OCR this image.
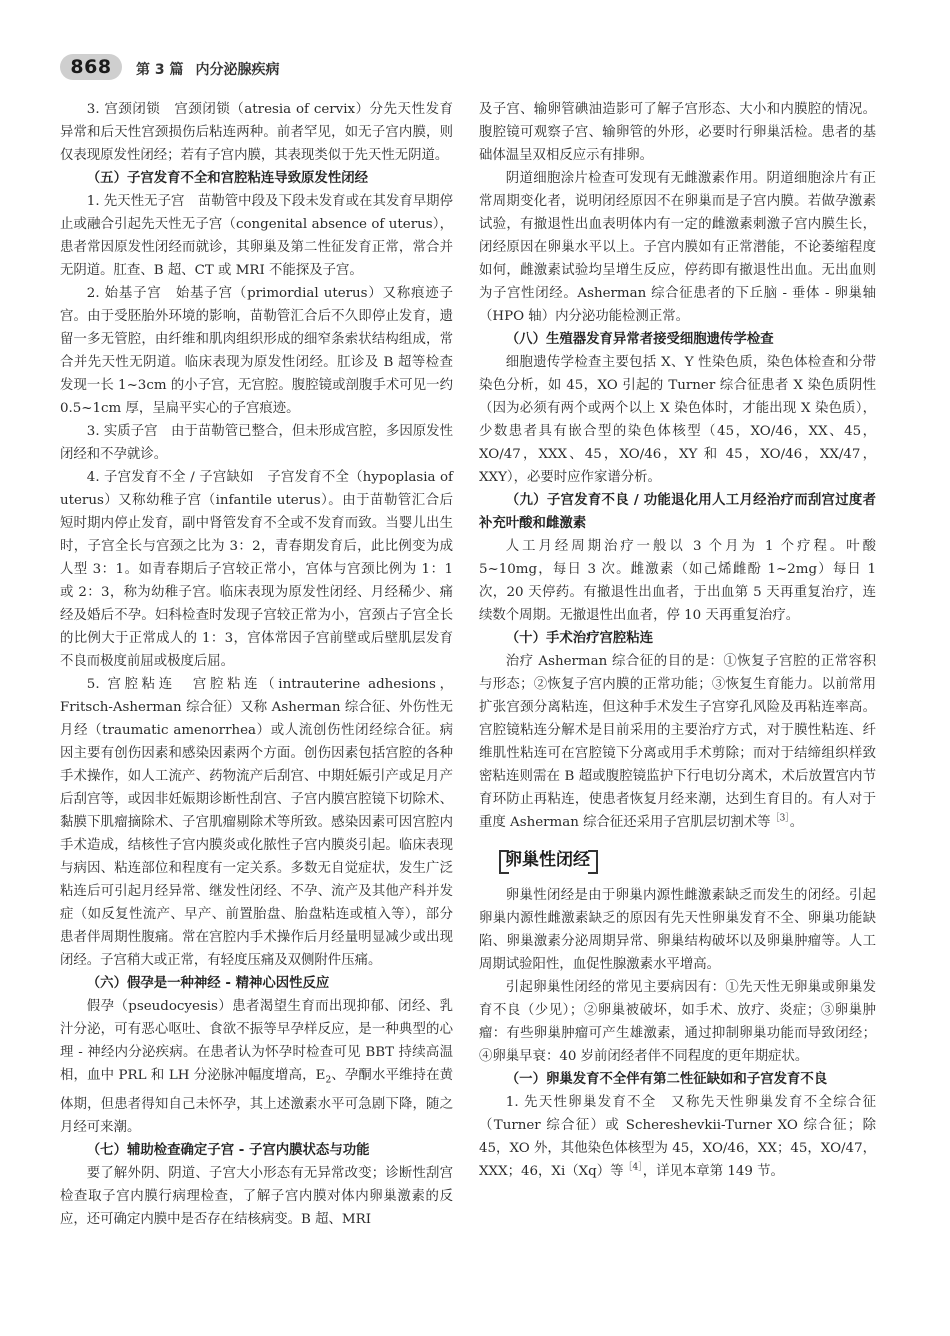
868	第 3 篇 内分泌腺疾病

3. 宫颈闭锁　宫颈闭锁（atresia of cervix）分先天性发育异常和后天性宫颈损伤后粘连两种。前者罕见，如无子宫内膜，则仅表现原发性闭经；若有子宫内膜，其表现类似于先天性无阴道。

（五）子宫发育不全和宫腔粘连导致原发性闭经

1. 先天性无子宫　苗勒管中段及下段未发育或在其发育早期停止或融合引起先天性无子宫（congenital absence of uterus），患者常因原发性闭经而就诊，其卵巢及第二性征发育正常，常合并无阴道。肛查、B 超、CT 或 MRI 不能探及子宫。

2. 始基子宫　始基子宫（primordial uterus）又称痕迹子宫。由于受胚胎外环境的影响，苗勒管汇合后不久即停止发育，遗留一多无管腔，由纤维和肌肉组织形成的细窄条索状结构组成，常合并先天性无阴道。临床表现为原发性闭经。肛诊及 B 超等检查发现一长 1~3cm 的小子宫，无宫腔。腹腔镜或剖腹手术可见一约 0.5~1cm 厚，呈扁平实心的子宫痕迹。

3. 实质子宫　由于苗勒管已整合，但未形成宫腔，多因原发性闭经和不孕就诊。

4. 子宫发育不全 / 子宫缺如　子宫发育不全（hypoplasia of uterus）又称幼稚子宫（infantile uterus）。由于苗勒管汇合后短时期内停止发育，副中肾管发育不全或不发育而致。当婴儿出生时，子宫全长与宫颈之比为 3：2，青春期发育后，此比例变为成人型 3：1。如青春期后子宫较正常小，宫体与宫颈比例为 1：1 或 2：3，称为幼稚子宫。临床表现为原发性闭经、月经稀少、痛经及婚后不孕。妇科检查时发现子宫较正常为小，宫颈占子宫全长的比例大于正常成人的 1：3，宫体常因子宫前壁或后壁肌层发育不良而极度前屈或极度后屈。

5. 宫腔粘连　宫腔粘连（intrauterine adhesions，Fritsch-Asherman 综合征）又称 Asherman 综合征、外伤性无月经（traumatic amenorrhea）或人流创伤性闭经综合征。病因主要有创伤因素和感染因素两个方面。创伤因素包括宫腔的各种手术操作，如人工流产、药物流产后刮宫、中期妊娠引产或足月产后刮宫等，或因非妊娠期诊断性刮宫、子宫内膜宫腔镜下切除术、黏膜下肌瘤摘除术、子宫肌瘤剔除术等所致。感染因素可因宫腔内手术造成，结核性子宫内膜炎或化脓性子宫内膜炎引起。临床表现与病因、粘连部位和程度有一定关系。多数无自觉症状，发生广泛粘连后可引起月经异常、继发性闭经、不孕、流产及其他产科并发症（如反复性流产、早产、前置胎盘、胎盘粘连或植入等），部分患者伴周期性腹痛。常在宫腔内手术操作后月经量明显减少或出现闭经。子宫稍大或正常，有轻度压痛及双侧附件压痛。

（六）假孕是一种神经 - 精神心因性反应

假孕（pseudocyesis）患者渴望生育而出现抑郁、闭经、乳汁分泌，可有恶心呕吐、食欲不振等早孕样反应，是一种典型的心理 - 神经内分泌疾病。在患者认为怀孕时检查可见 BBT 持续高温相，血中 PRL 和 LH 分泌脉冲幅度增高，$E_2$、孕酮水平维持在黄体期，但患者得知自己未怀孕，其上述激素水平可急剧下降，随之月经可来潮。

（七）辅助检查确定子宫 - 子宫内膜状态与功能

要了解外阴、阴道、子宫大小形态有无异常改变；诊断性刮宫检查取子宫内膜行病理检查，了解子宫内膜对体内卵巢激素的反应，还可确定内膜中是否存在结核病变。B 超、MRI

及子宫、输卵管碘油造影可了解子宫形态、大小和内膜腔的情况。腹腔镜可观察子宫、输卵管的外形，必要时行卵巢活检。患者的基础体温呈双相反应示有排卵。

阴道细胞涂片检查可发现有无雌激素作用。阴道细胞涂片有正常周期变化者，说明闭经原因不在卵巢而是子宫内膜。若做孕激素试验，有撤退性出血表明体内有一定的雌激素刺激子宫内膜生长，闭经原因在卵巢水平以上。子宫内膜如有正常潜能，不论萎缩程度如何，雌激素试验均呈增生反应，停药即有撤退性出血。无出血则为子宫性闭经。Asherman 综合征患者的下丘脑 - 垂体 - 卵巢轴（HPO 轴）内分泌功能检测正常。

（八）生殖器发育异常者接受细胞遗传学检查

细胞遗传学检查主要包括 X、Y 性染色质，染色体检查和分带染色分析，如 45，XO 引起的 Turner 综合征患者 X 染色质阴性（因为必须有两个或两个以上 X 染色体时，才能出现 X 染色质），少数患者具有嵌合型的染色体核型（45，XO/46，XX、45，XO/47，XXX、45，XO/46，XY 和 45，XO/46，XX/47，XXY），必要时应作家谱分析。

（九）子宫发育不良 / 功能退化用人工月经治疗而刮宫过度者补充叶酸和雌激素

人工月经周期治疗一般以 3 个月为 1 个疗程。叶酸 5~10mg，每日 3 次。雌激素（如己烯雌酚 1~2mg）每日 1 次，20 天停药。有撤退性出血者，于出血第 5 天再重复治疗，连续数个周期。无撤退性出血者，停 10 天再重复治疗。

（十）手术治疗宫腔粘连

治疗 Asherman 综合征的目的是：①恢复子宫腔的正常容积与形态；②恢复子宫内膜的正常功能；③恢复生育能力。以前常用扩张宫颈分离粘连，但这种手术发生子宫穿孔风险及再粘连率高。宫腔镜粘连分解术是目前采用的主要治疗方式，对于膜性粘连、纤维肌性粘连可在宫腔镜下分离或用手术剪除；而对于结缔组织样致密粘连则需在 B 超或腹腔镜监护下行电切分离术，术后放置宫内节育环防止再粘连，使患者恢复月经来潮，达到生育目的。有人对于重度 Asherman 综合征还采用子宫肌层切割术等$^{[3]}$。

卵巢性闭经

卵巢性闭经是由于卵巢内源性雌激素缺乏而发生的闭经。引起卵巢内源性雌激素缺乏的原因有先天性卵巢发育不全、卵巢功能缺陷、卵巢激素分泌周期异常、卵巢结构破坏以及卵巢肿瘤等。人工周期试验阳性，血促性腺激素水平增高。

引起卵巢性闭经的常见主要病因有：①先天性无卵巢或卵巢发育不良（少见）；②卵巢被破坏，如手术、放疗、炎症；③卵巢肿瘤：有些卵巢肿瘤可产生雄激素，通过抑制卵巢功能而导致闭经；④卵巢早衰：40 岁前闭经者伴不同程度的更年期症状。

（一）卵巢发育不全伴有第二性征缺如和子宫发育不良

1. 先天性卵巢发育不全　又称先天性卵巢发育不全综合征（Turner 综合征）或 Schereshevkii-Turner XO 综合征；除 45，XO 外，其他染色体核型为 45，XO/46，XX；45，XO/47，XXX；46，Xi（Xq）等$^{[4]}$，详见本章第 149 节。
